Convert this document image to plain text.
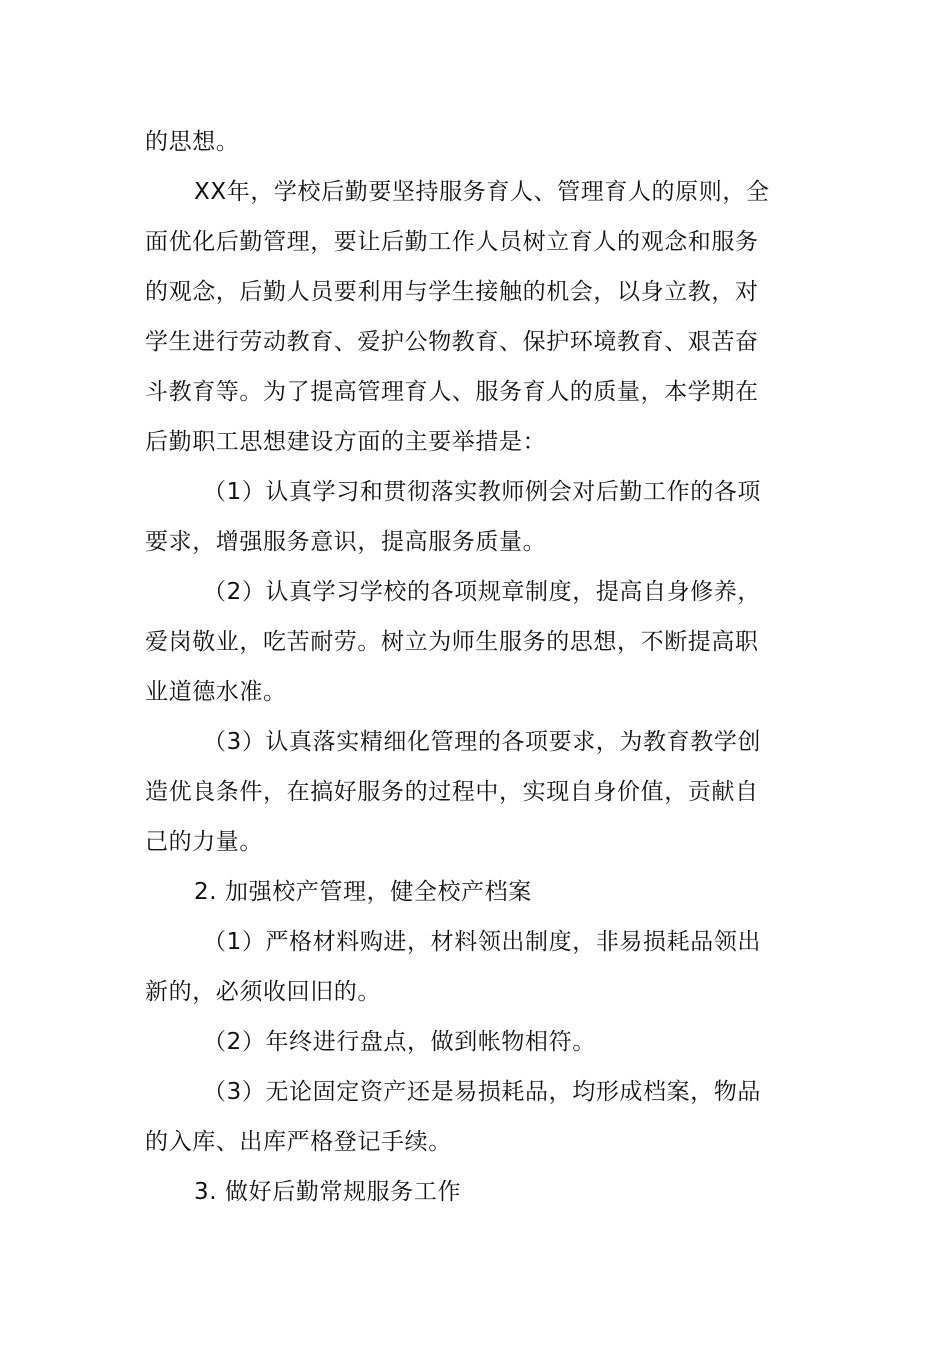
的思想。
XX年，学校后勤要坚持服务育人、管理育人的原则，全
面优化后勤管理，要让后勤工作人员树立育人的观念和服务
的观念，后勤人员要利用与学生接触的机会，以身立教，对
学生进行劳动教育、爱护公物教育、保护环境教育、艰苦奋
斗教育等。为了提高管理育人、服务育人的质量，本学期在
后勤职工思想建设方面的主要举措是：
（1）认真学习和贯彻落实教师例会对后勤工作的各项
要求，增强服务意识，提高服务质量。
（2）认真学习学校的各项规章制度，提高自身修养，
爱岗敬业，吃苦耐劳。树立为师生服务的思想，不断提高职
业道德水准。
（3）认真落实精细化管理的各项要求，为教育教学创
造优良条件，在搞好服务的过程中，实现自身价值，贡献自
己的力量。
2. 加强校产管理，健全校产档案
（1）严格材料购进，材料领出制度，非易损耗品领出
新的，必须收回旧的。
（2）年终进行盘点，做到帐物相符。
（3）无论固定资产还是易损耗品，均形成档案，物品
的入库、出库严格登记手续。
3. 做好后勤常规服务工作
